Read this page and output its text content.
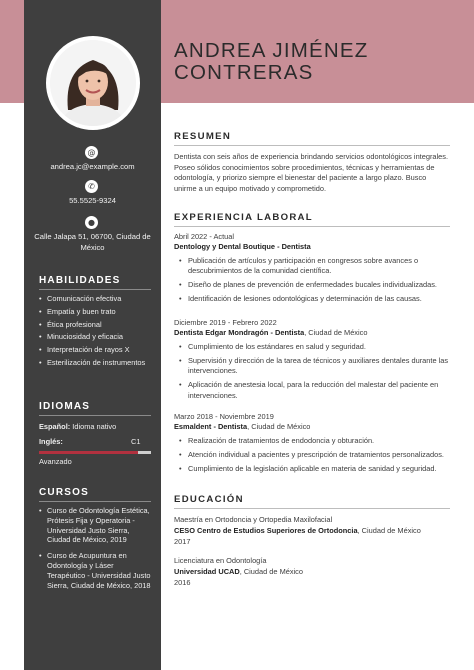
@
andrea.jc@example.com
✆
55.5525-9324
●
Calle Jalapa 51, 06700, Ciudad de México
HABILIDADES
• Comunicación efectiva
• Empatía y buen trato
• Ética profesional
• Minuciosidad y eficacia
• Interpretación de rayos X
• Esterilización de instrumentos
IDIOMAS
Español: Idioma nativo
Inglés:	C1
Avanzado
CURSOS
• Curso de Odontología Estética, Prótesis Fija y Operatoria - Universidad Justo Sierra, Ciudad de México, 2019
• Curso de Acupuntura en Odontología y Láser Terapéutico - Universidad Justo Sierra, Ciudad de México, 2018
ANDREA JIMÉNEZ
CONTRERAS
RESUMEN
Dentista con seis años de experiencia brindando servicios odontológicos integrales. Poseo sólidos conocimientos sobre procedimientos, técnicas y herramientas de odontología, y priorizo siempre el bienestar del paciente a largo plazo. Busco unirme a un equipo motivado y comprometido.
EXPERIENCIA LABORAL
Abril 2022 - Actual
Dentology y Dental Boutique - Dentista
• Publicación de artículos y participación en congresos sobre avances o descubrimientos de la comunidad científica.
• Diseño de planes de prevención de enfermedades bucales individualizadas.
• Identificación de lesiones odontológicas y determinación de las causas.
Diciembre 2019 - Febrero 2022
Dentista Edgar Mondragón - Dentista, Ciudad de México
• Cumplimiento de los estándares en salud y seguridad.
• Supervisión y dirección de la tarea de técnicos y auxiliares dentales durante las intervenciones.
• Aplicación de anestesia local, para la reducción del malestar del paciente en intervenciones.
Marzo 2018 - Noviembre 2019
Esmaldent - Dentista, Ciudad de México
• Realización de tratamientos de endodoncia y obturación.
• Atención individual a pacientes y prescripción de tratamientos personalizados.
• Cumplimiento de la legislación aplicable en materia de sanidad y seguridad.
EDUCACIÓN
Maestría en Ortodoncia y Ortopedia Maxilofacial
CESO Centro de Estudios Superiores de Ortodoncia, Ciudad de México
2017
Licenciatura en Odontología
Universidad UCAD, Ciudad de México
2016
